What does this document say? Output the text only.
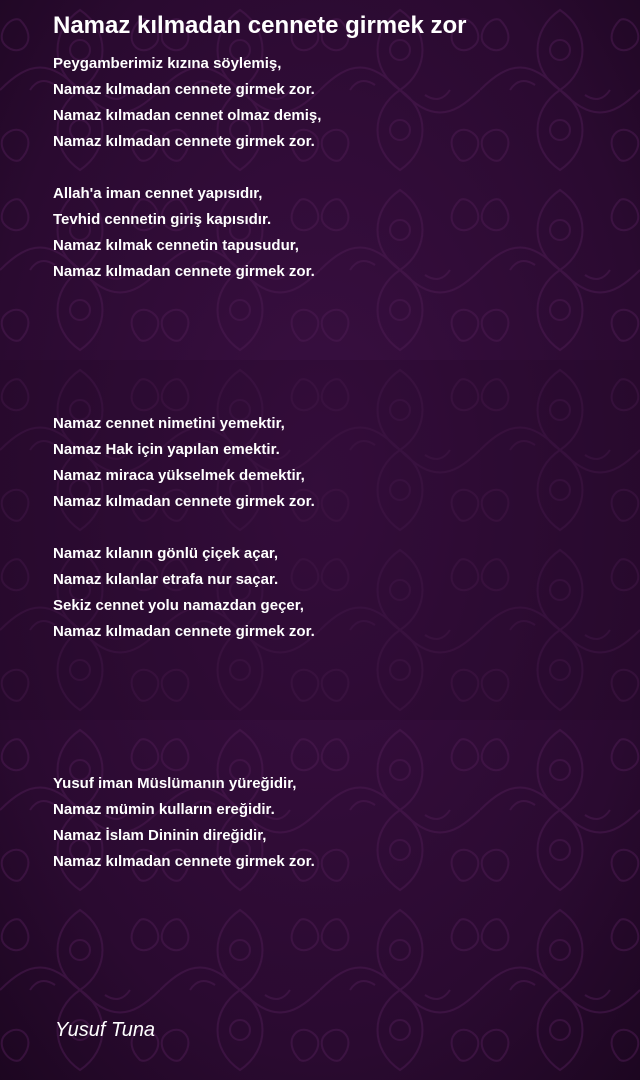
Namaz kılmadan cennete girmek zor
Peygamberimiz kızına söylemiş,
Namaz kılmadan cennete girmek zor.
Namaz kılmadan cennet olmaz demiş,
Namaz kılmadan cennete girmek zor.
Allah'a iman cennet yapısıdır,
Tevhid cennetin giriş kapısıdır.
Namaz kılmak cennetin tapusudur,
Namaz kılmadan cennete girmek zor.
Namaz cennet nimetini yemektir,
Namaz Hak için yapılan emektir.
Namaz miraca yükselmek demektir,
Namaz kılmadan cennete girmek zor.
Namaz kılanın gönlü çiçek açar,
Namaz kılanlar etrafa nur saçar.
Sekiz cennet yolu namazdan geçer,
Namaz kılmadan cennete girmek zor.
Yusuf iman Müslümanın yüreğidir,
Namaz mümin kulların ereğidir.
Namaz İslam Dininin direğidir,
Namaz kılmadan cennete girmek zor.
Yusuf Tuna
